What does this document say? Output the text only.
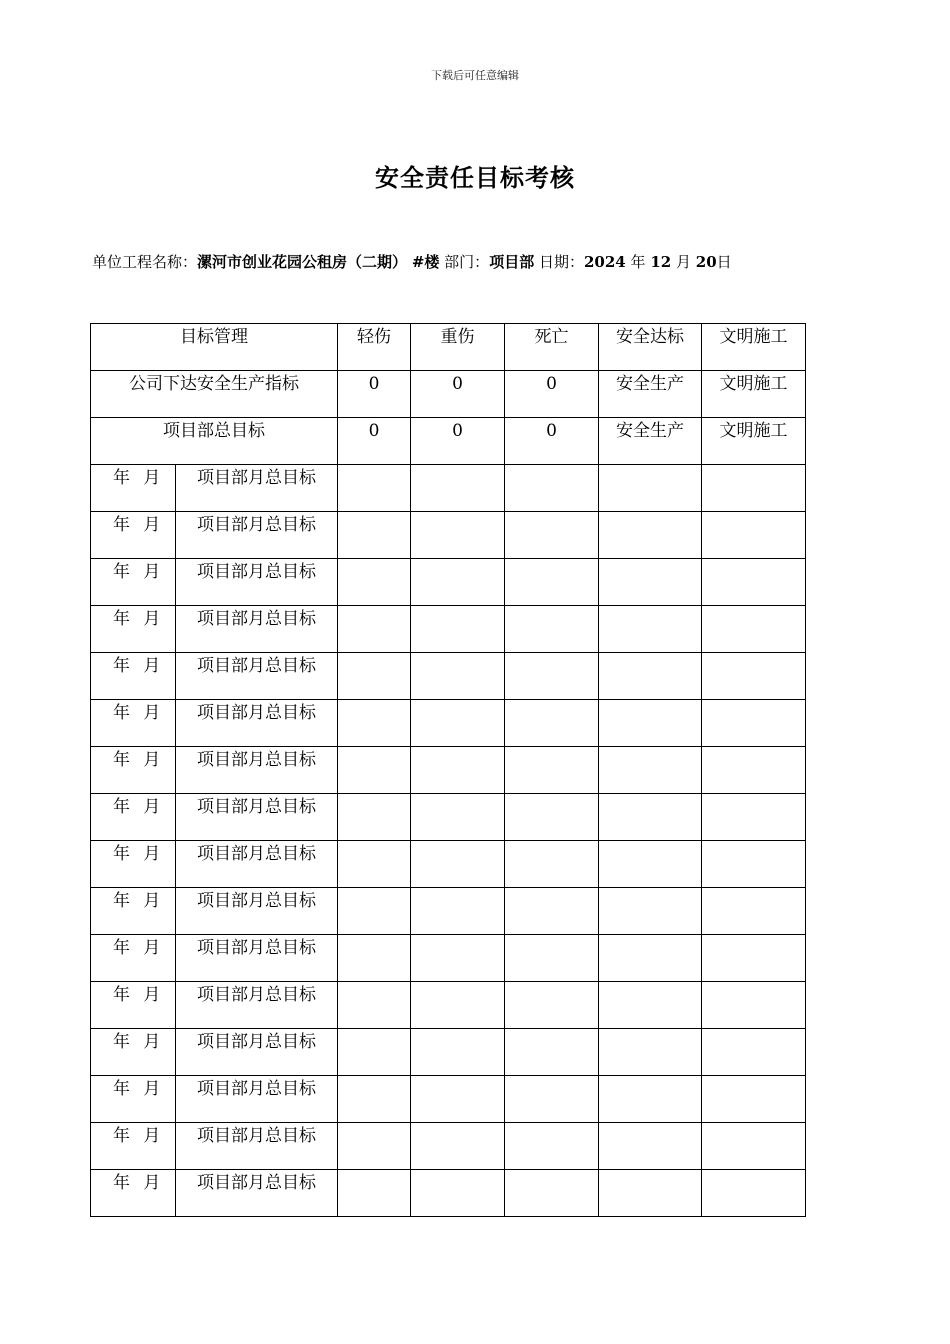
下载后可任意编辑
安全责任目标考核
单位工程名称：漯河市创业花园公租房（二期） #楼 部门：项目部 日期：2024 年 12 月 20日
目标管理		轻伤	重伤	死亡	安全达标	文明施工
公司下达安全生产指标		0	0	0	安全生产	文明施工
项目部总目标		0	0	0	安全生产	文明施工
年 月	项目部月总目标					
年 月	项目部月总目标					
年 月	项目部月总目标					
年 月	项目部月总目标					
年 月	项目部月总目标					
年 月	项目部月总目标					
年 月	项目部月总目标					
年 月	项目部月总目标					
年 月	项目部月总目标					
年 月	项目部月总目标					
年 月	项目部月总目标					
年 月	项目部月总目标					
年 月	项目部月总目标					
年 月	项目部月总目标					
年 月	项目部月总目标					
年 月	项目部月总目标					
